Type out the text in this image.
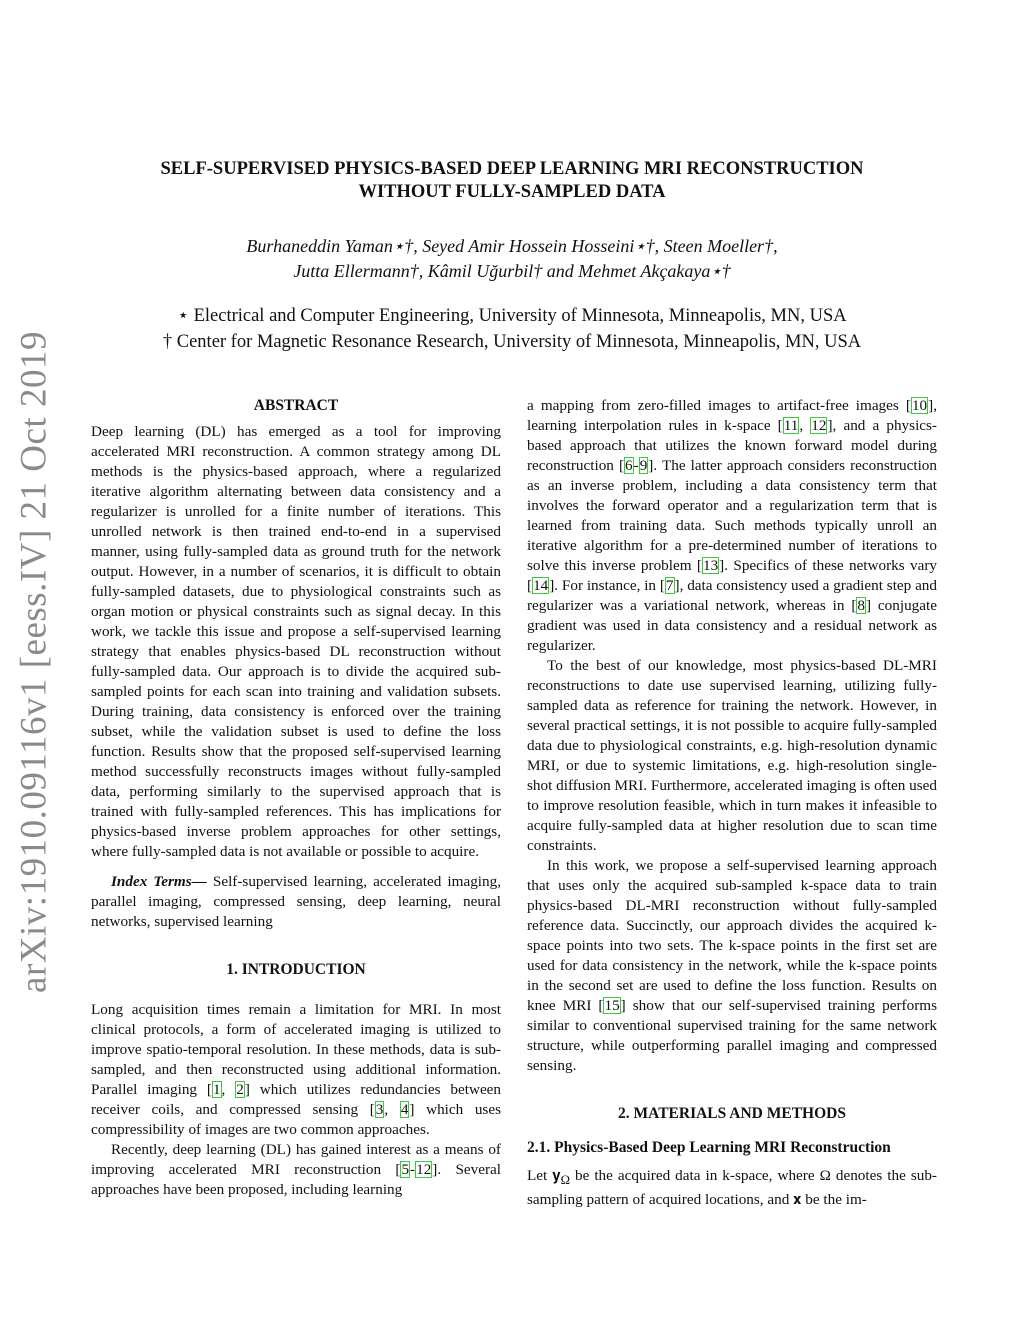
arXiv:1910.09116v1 [eess.IV] 21 Oct 2019
SELF-SUPERVISED PHYSICS-BASED DEEP LEARNING MRI RECONSTRUCTION
WITHOUT FULLY-SAMPLED DATA
Burhaneddin Yaman⋆†, Seyed Amir Hossein Hosseini⋆†, Steen Moeller†,
Jutta Ellermann†, Kâmil Uğurbil† and Mehmet Akçakaya⋆†
⋆ Electrical and Computer Engineering, University of Minnesota, Minneapolis, MN, USA
† Center for Magnetic Resonance Research, University of Minnesota, Minneapolis, MN, USA
ABSTRACT

Deep learning (DL) has emerged as a tool for improving accelerated MRI reconstruction. A common strategy among DL methods is the physics-based approach, where a regularized iterative algorithm alternating between data consistency and a regularizer is unrolled for a finite number of iterations. This unrolled network is then trained end-to-end in a supervised manner, using fully-sampled data as ground truth for the network output. However, in a number of scenarios, it is difficult to obtain fully-sampled datasets, due to physiological constraints such as organ motion or physical constraints such as signal decay. In this work, we tackle this issue and propose a self-supervised learning strategy that enables physics-based DL reconstruction without fully-sampled data. Our approach is to divide the acquired sub-sampled points for each scan into training and validation subsets. During training, data consistency is enforced over the training subset, while the validation subset is used to define the loss function. Results show that the proposed self-supervised learning method successfully reconstructs images without fully-sampled data, performing similarly to the supervised approach that is trained with fully-sampled references. This has implications for physics-based inverse problem approaches for other settings, where fully-sampled data is not available or possible to acquire.

Index Terms— Self-supervised learning, accelerated imaging, parallel imaging, compressed sensing, deep learning, neural networks, supervised learning

1. INTRODUCTION

Long acquisition times remain a limitation for MRI. In most clinical protocols, a form of accelerated imaging is utilized to improve spatio-temporal resolution. In these methods, data is sub-sampled, and then reconstructed using additional information. Parallel imaging [1, 2] which utilizes redundancies between receiver coils, and compressed sensing [3, 4] which uses compressibility of images are two common approaches.

Recently, deep learning (DL) has gained interest as a means of improving accelerated MRI reconstruction [5-12]. Several approaches have been proposed, including learning

a mapping from zero-filled images to artifact-free images [10], learning interpolation rules in k-space [11, 12], and a physics-based approach that utilizes the known forward model during reconstruction [6-9]. The latter approach considers reconstruction as an inverse problem, including a data consistency term that involves the forward operator and a regularization term that is learned from training data. Such methods typically unroll an iterative algorithm for a pre-determined number of iterations to solve this inverse problem [13]. Specifics of these networks vary [14]. For instance, in [7], data consistency used a gradient step and regularizer was a variational network, whereas in [8] conjugate gradient was used in data consistency and a residual network as regularizer.

To the best of our knowledge, most physics-based DL-MRI reconstructions to date use supervised learning, utilizing fully-sampled data as reference for training the network. However, in several practical settings, it is not possible to acquire fully-sampled data due to physiological constraints, e.g. high-resolution dynamic MRI, or due to systemic limitations, e.g. high-resolution single-shot diffusion MRI. Furthermore, accelerated imaging is often used to improve resolution feasible, which in turn makes it infeasible to acquire fully-sampled data at higher resolution due to scan time constraints.

In this work, we propose a self-supervised learning approach that uses only the acquired sub-sampled k-space data to train physics-based DL-MRI reconstruction without fully-sampled reference data. Succinctly, our approach divides the acquired k-space points into two sets. The k-space points in the first set are used for data consistency in the network, while the k-space points in the second set are used to define the loss function. Results on knee MRI [15] show that our self-supervised training performs similar to conventional supervised training for the same network structure, while outperforming parallel imaging and compressed sensing.

2. MATERIALS AND METHODS
2.1. Physics-Based Deep Learning MRI Reconstruction

Let 𝐲$_\Omega$ be the acquired data in k-space, where Ω denotes the sub-sampling pattern of acquired locations, and 𝐱 be the im-
